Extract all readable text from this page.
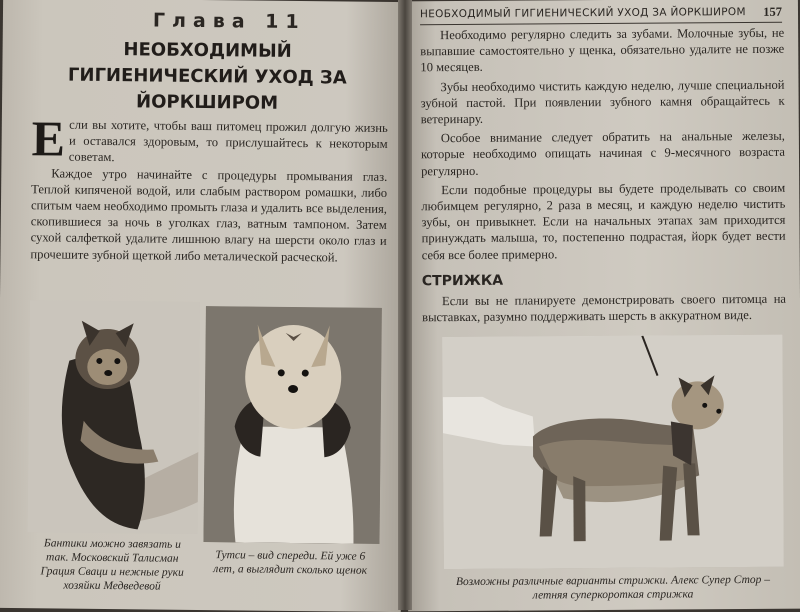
Глава 11
НЕОБХОДИМЫЙ ГИГИЕНИЧЕСКИЙ УХОД ЗА ЙОРКШИРОМ

Если вы хотите, чтобы ваш питомец прожил долгую жизнь и оставался здоровым, то прислушайтесь к некоторым советам.

Каждое утро начинайте с процедуры промывания глаз. Теплой кипяченой водой, или слабым раствором ромашки, либо спитым чаем необходимо промыть глаза и удалить все выделения, скопившиеся за ночь в уголках глаз, ватным тампоном. Затем сухой салфеткой удалите лишнюю влагу на шерсти около глаз и прочешите зубной щеткой либо металической расческой.

Бантики можно завязать и так. Московский Талисман Грация Сваци и нежные руки хозяйки Медведевой
Тутси – вид спереди. Ей уже 6 лет, а выглядит сколько щенок
НЕОБХОДИМЫЙ ГИГИЕНИЧЕСКИЙ УХОД ЗА ЙОРКШИРОМ 157

Необходимо регулярно следить за зубами. Молочные зубы, не выпавшие самостоятельно у щенка, обязательно удалите не позже 10 месяцев.

Зубы необходимо чистить каждую неделю, лучше специальной зубной пастой. При появлении зубного камня обращайтесь к ветеринару.

Особое внимание следует обратить на анальные железы, которые необходимо опищать начиная с 9-месячного возраста регулярно.

Если подобные процедуры вы будете проделывать со своим любимцем регулярно, 2 раза в месяц, и каждую неделю чистить зубы, он привыкнет. Если на начальных этапах зам приходится принуждать малыша, то, постепенно подрастая, йорк будет вести себя все более примерно.

СТРИЖКА

Если вы не планируете демонстрировать своего питомца на выставках, разумно поддерживать шерсть в аккуратном виде.

Возможны различные варианты стрижки. Алекс Супер Стор – летняя суперкороткая стрижка
